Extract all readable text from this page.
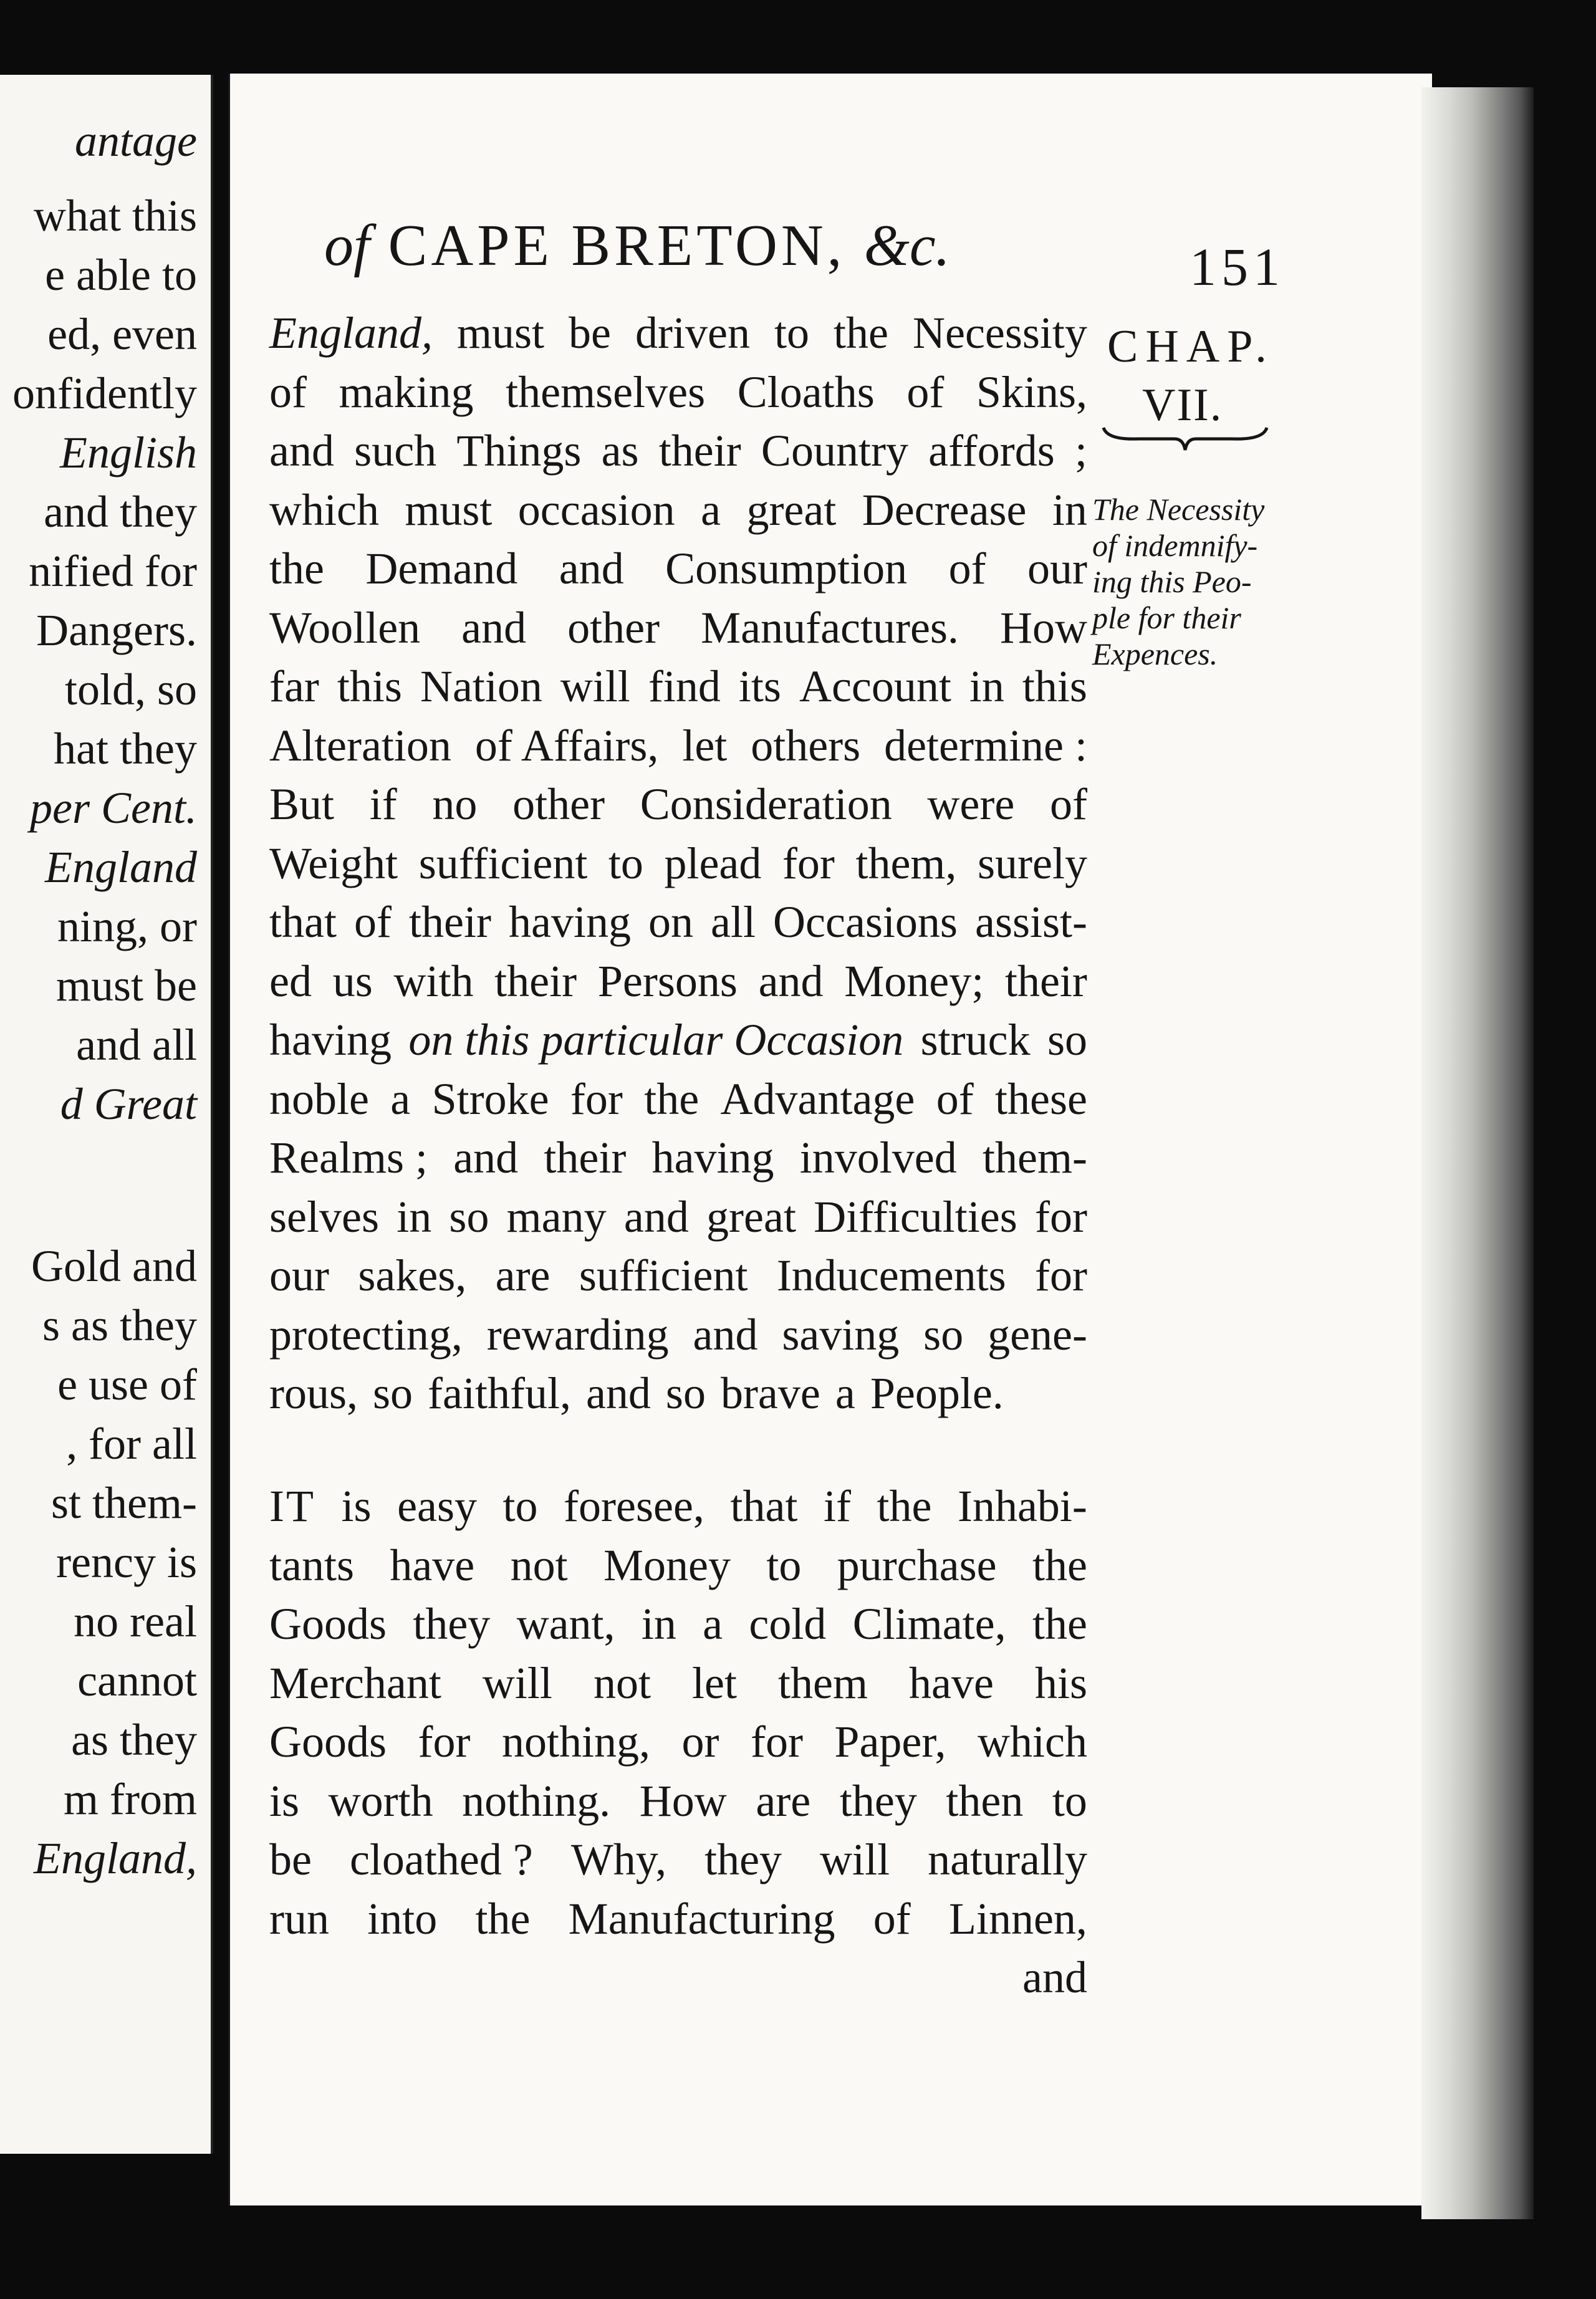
antage
what this
e able to
ed, even
onfidently
English
and they
nified for
Dangers.
told, so
hat they
per Cent.
England
ning, or
must be
and all
d Great
Gold and
s as they
e use of
, for all
st them-
rency is
no real
cannot
as they
m from
England,
of CAPE BRETON, &c.	151
CHAP.
VII.
The Necessity
of indemnify-
ing this Peo-
ple for their
Expences.
England, must be driven to the Necessity
of making themselves Cloaths of Skins,
and such Things as their Country affords ;
which must occasion a great Decrease in
the Demand and Consumption of our
Woollen and other Manufactures. How
far this Nation will find its Account in this
Alteration of Affairs, let others determine :
But if no other Consideration were of
Weight sufficient to plead for them, surely
that of their having on all Occasions assist-
ed us with their Persons and Money; their
having on this particular Occasion struck so
noble a Stroke for the Advantage of these
Realms ; and their having involved them-
selves in so many and great Difficulties for
our sakes, are sufficient Inducements for
protecting, rewarding and saving so gene-
rous, so faithful, and so brave a People.
IT is easy to foresee, that if the Inhabi-
tants have not Money to purchase the
Goods they want, in a cold Climate, the
Merchant will not let them have his
Goods for nothing, or for Paper, which
is worth nothing. How are they then to
be cloathed ? Why, they will naturally
run into the Manufacturing of Linnen,
and
